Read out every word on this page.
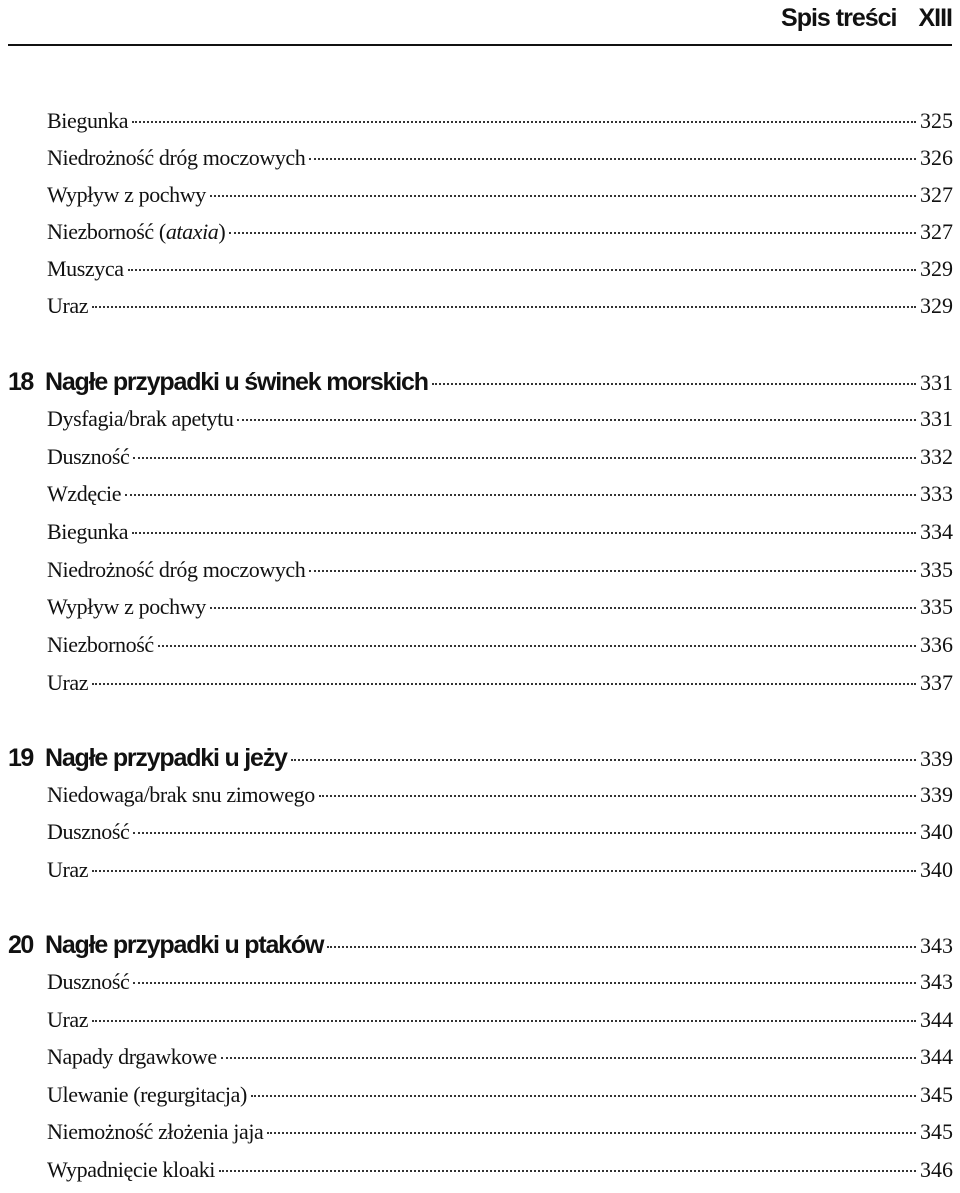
Spis treści XIII
Biegunka	325
Niedrożność dróg moczowych	326
Wypływ z pochwy	327
Niezborność (ataxia)	327
Muszyca	329
Uraz	329
18 Nagłe przypadki u świnek morskich	331
Dysfagia/brak apetytu	331
Duszność	332
Wzdęcie	333
Biegunka	334
Niedrożność dróg moczowych	335
Wypływ z pochwy	335
Niezborność	336
Uraz	337
19 Nagłe przypadki u jeży	339
Niedowaga/brak snu zimowego	339
Duszność	340
Uraz	340
20 Nagłe przypadki u ptaków	343
Duszność	343
Uraz	344
Napady drgawkowe	344
Ulewanie (regurgitacja)	345
Niemożność złożenia jaja	345
Wypadnięcie kloaki	346
